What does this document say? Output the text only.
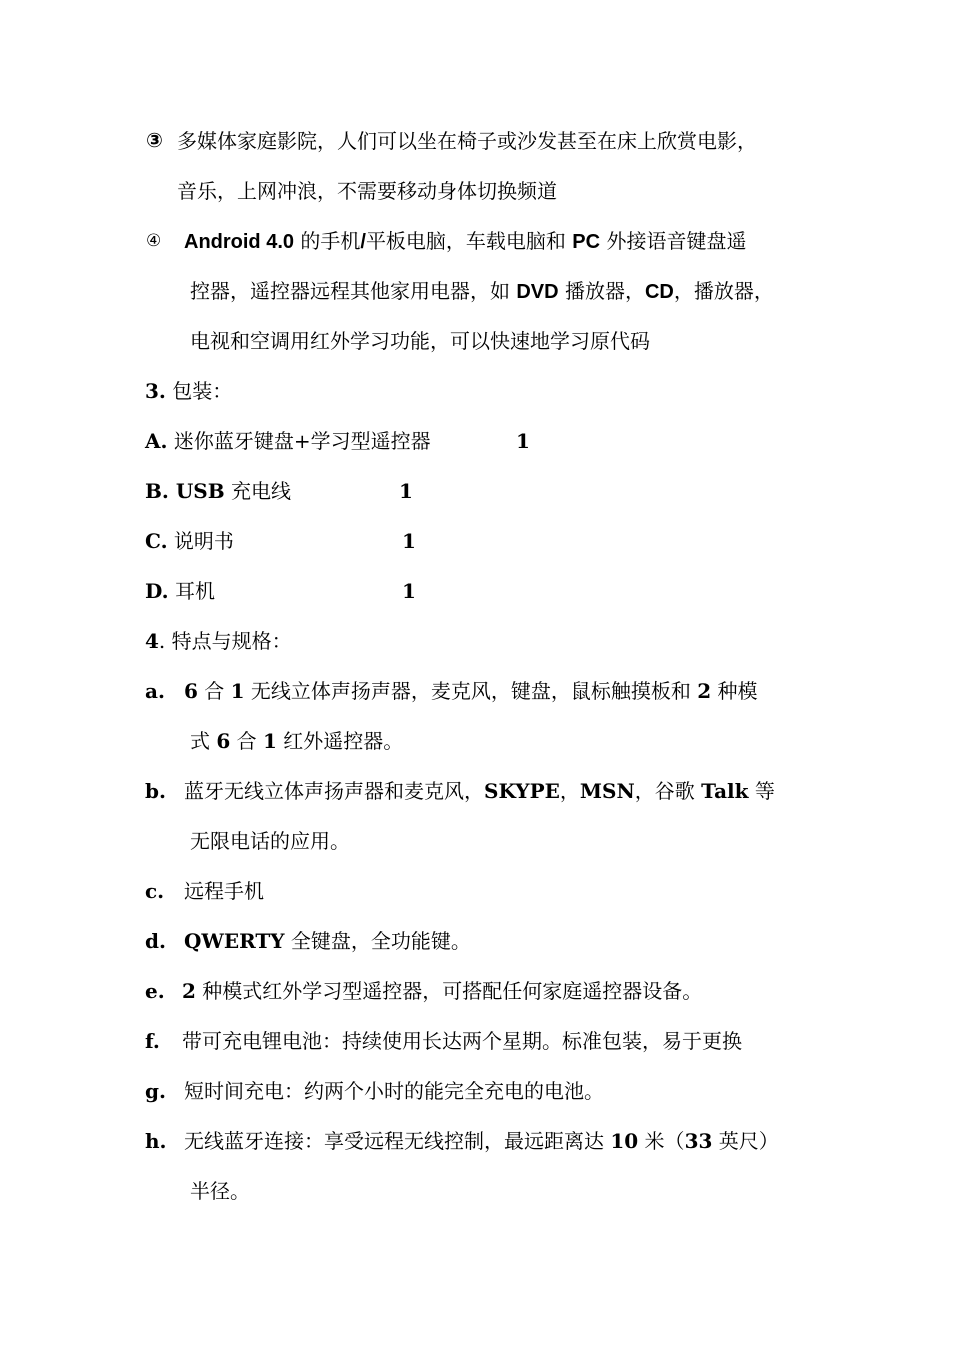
③ 多媒体家庭影院，人们可以坐在椅子或沙发甚至在床上欣赏电影，
音乐，上网冲浪，不需要移动身体切换频道
④ Android 4.0 的手机/平板电脑，车载电脑和 PC 外接语音键盘遥
控器，遥控器远程其他家用电器，如 DVD 播放器，CD，播放器，
电视和空调用红外学习功能，可以快速地学习原代码
3. 包装：
A. 迷你蓝牙键盘+学习型遥控器	1
B. USB 充电线	1
C. 说明书	1
D. 耳机	1
4. 特点与规格：
a. 6 合 1 无线立体声扬声器，麦克风，键盘，鼠标触摸板和 2 种模
式 6 合 1 红外遥控器。
b. 蓝牙无线立体声扬声器和麦克风，SKYPE，MSN，谷歌 Talk 等
无限电话的应用。
c. 远程手机
d. QWERTY 全键盘，全功能键。
e. 2 种模式红外学习型遥控器，可搭配任何家庭遥控器设备。
f. 带可充电锂电池：持续使用长达两个星期。标准包装，易于更换
g. 短时间充电：约两个小时的能完全充电的电池。
h. 无线蓝牙连接：享受远程无线控制，最远距离达 10 米（33 英尺）
半径。
